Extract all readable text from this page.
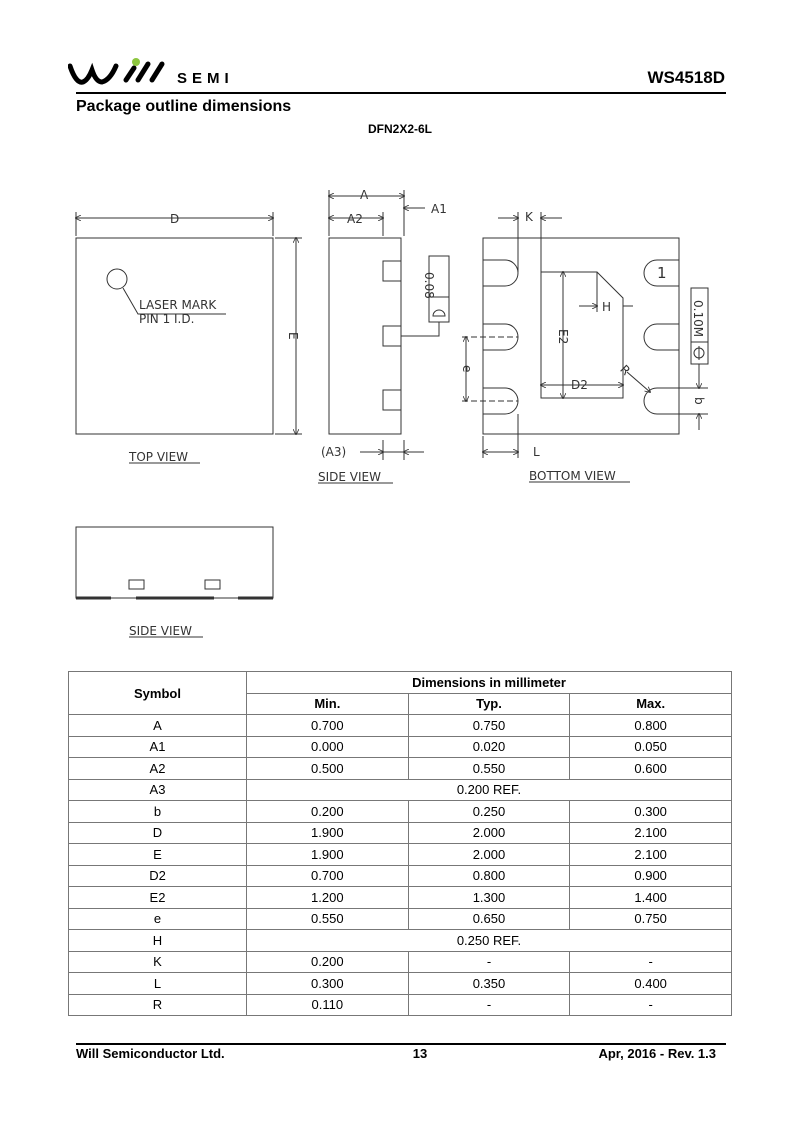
SEMI	WS4518D
Package outline dimensions
DFN2X2-6L
D
E
LASER MARK
PIN 1 I.D.
TOP VIEW
A
A2
A1
0.08
(A3)
SIDE VIEW
K
H
E2
D2
e
L
R
b
0.10M
1
BOTTOM VIEW
SIDE VIEW
Symbol	Dimensions in millimeter		
	Min.	Typ.	Max.
A	0.700	0.750	0.800
A1	0.000	0.020	0.050
A2	0.500	0.550	0.600
A3	0.200 REF.		
b	0.200	0.250	0.300
D	1.900	2.000	2.100
E	1.900	2.000	2.100
D2	0.700	0.800	0.900
E2	1.200	1.300	1.400
e	0.550	0.650	0.750
H	0.250 REF.		
K	0.200	-	-
L	0.300	0.350	0.400
R	0.110	-	-
Will Semiconductor Ltd.	13	Apr, 2016 - Rev. 1.3
